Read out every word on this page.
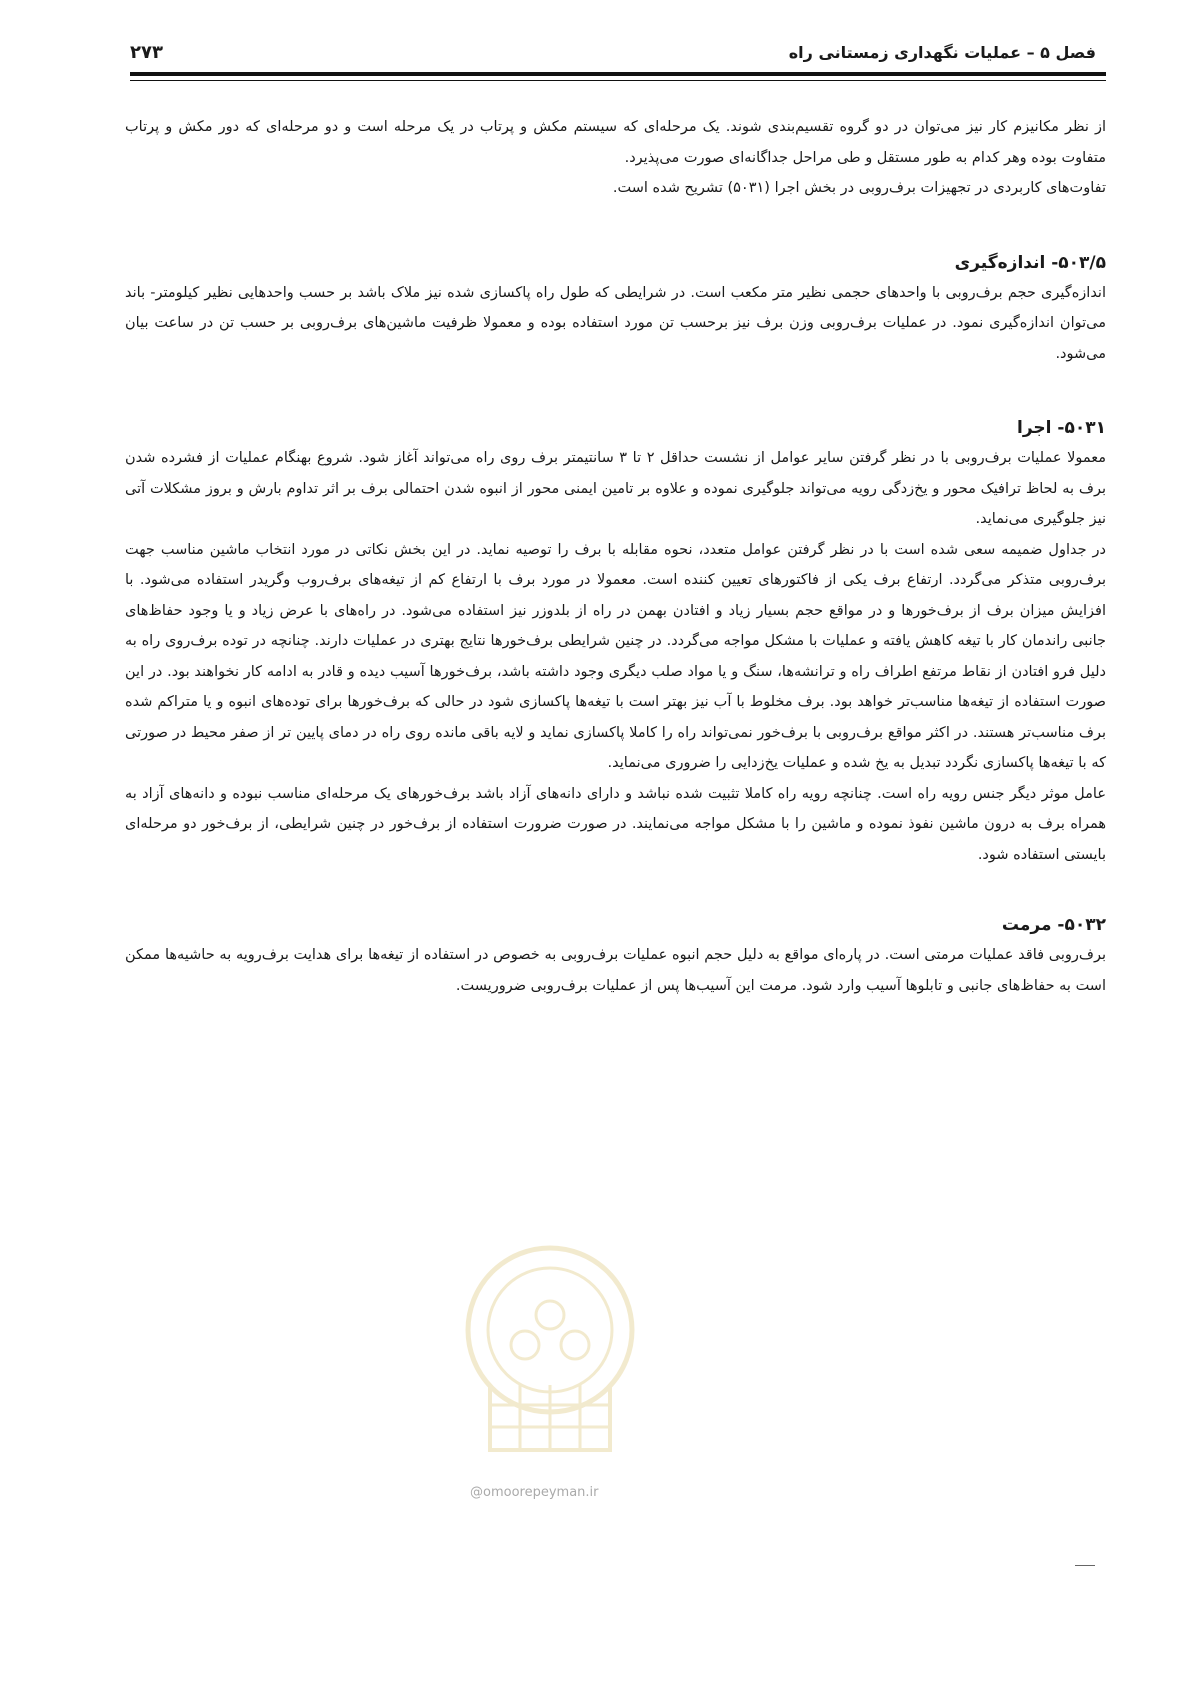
فصل ۵ – عملیات نگهداری زمستانی راه
۲۷۳

از نظر مکانیزم کار نیز می‌توان در دو گروه تقسیم‌بندی شوند. یک مرحله‌ای که سیستم مکش و پرتاب در یک مرحله است و دو مرحله‌ای که دور مکش و پرتاب متفاوت بوده وهر کدام به طور مستقل و طی مراحل جداگانه‌ای صورت می‌پذیرد.

تفاوت‌های کاربردی در تجهیزات برف‌روبی در بخش اجرا (۵۰۳۱) تشریح شده است.

۵۰۳/۵- اندازه‌گیری

اندازه‌گیری حجم برف‌روبی با واحدهای حجمی نظیر متر مکعب است. در شرایطی که طول راه پاکسازی شده نیز ملاک باشد بر حسب واحدهایی نظیر کیلومتر- باند می‌توان اندازه‌گیری نمود. در عملیات برف‌روبی وزن برف نیز برحسب تن مورد استفاده بوده و معمولا ظرفیت ماشین‌های برف‌روبی بر حسب تن در ساعت بیان می‌شود.

۵۰۳۱- اجرا

معمولا عملیات برف‌روبی با در نظر گرفتن سایر عوامل از نشست حداقل ۲ تا ۳ سانتیمتر برف روی راه می‌تواند آغاز شود. شروع بهنگام عملیات از فشرده شدن برف به لحاظ ترافیک محور و یخ‌زدگی رویه می‌تواند جلوگیری نموده و علاوه بر تامین ایمنی محور از انبوه شدن احتمالی برف بر اثر تداوم بارش و بروز مشکلات آتی نیز جلوگیری می‌نماید.

در جداول ضمیمه سعی شده است با در نظر گرفتن عوامل متعدد، نحوه مقابله با برف را توصیه نماید. در این بخش نکاتی در مورد انتخاب ماشین مناسب جهت برف‌روبی متذکر می‌گردد. ارتفاع برف یکی از فاکتورهای تعیین کننده است. معمولا در مورد برف با ارتفاع کم از تیغه‌های برف‌روب وگریدر استفاده می‌شود. با افزایش میزان برف از برف‌خورها و در مواقع حجم بسیار زیاد و افتادن بهمن در راه از بلدوزر نیز استفاده می‌شود. در راه‌های با عرض زیاد و یا وجود حفاظ‌های جانبی راندمان کار با تیغه کاهش یافته و عملیات با مشکل مواجه می‌گردد. در چنین شرایطی برف‌خورها نتایج بهتری در عملیات دارند. چنانچه در توده برف‌روی راه به دلیل فرو افتادن از نقاط مرتفع اطراف راه و ترانشه‌ها، سنگ و یا مواد صلب دیگری وجود داشته باشد، برف‌خورها آسیب دیده و قادر به ادامه کار نخواهند بود. در این صورت استفاده از تیغه‌ها مناسب‌تر خواهد بود. برف مخلوط با آب نیز بهتر است با تیغه‌ها پاکسازی شود در حالی که برف‌خورها برای توده‌های انبوه و یا متراکم شده برف مناسب‌تر هستند. در اکثر مواقع برف‌روبی با برف‌خور نمی‌تواند راه را کاملا پاکسازی نماید و لایه باقی مانده روی راه در دمای پایین تر از صفر محیط در صورتی که با تیغه‌ها پاکسازی نگردد تبدیل به یخ شده و عملیات یخ‌زدایی را ضروری می‌نماید.

عامل موثر دیگر جنس رویه راه است. چنانچه رویه راه کاملا تثبیت شده نباشد و دارای دانه‌های آزاد باشد برف‌خورهای یک مرحله‌ای مناسب نبوده و دانه‌های آزاد به همراه برف به درون ماشین نفوذ نموده و ماشین را با مشکل مواجه می‌نمایند. در صورت ضرورت استفاده از برف‌خور در چنین شرایطی، از برف‌خور دو مرحله‌ای بایستی استفاده شود.

۵۰۳۲- مرمت

برف‌روبی فاقد عملیات مرمتی است. در پاره‌ای مواقع به دلیل حجم انبوه عملیات برف‌روبی به خصوص در استفاده از تیغه‌ها برای هدایت برف‌رویه به حاشیه‌ها ممکن است به حفاظ‌های جانبی و تابلوها آسیب وارد شود. مرمت این آسیب‌ها پس از عملیات برف‌روبی ضروریست.

@omoorepeyman.ir
